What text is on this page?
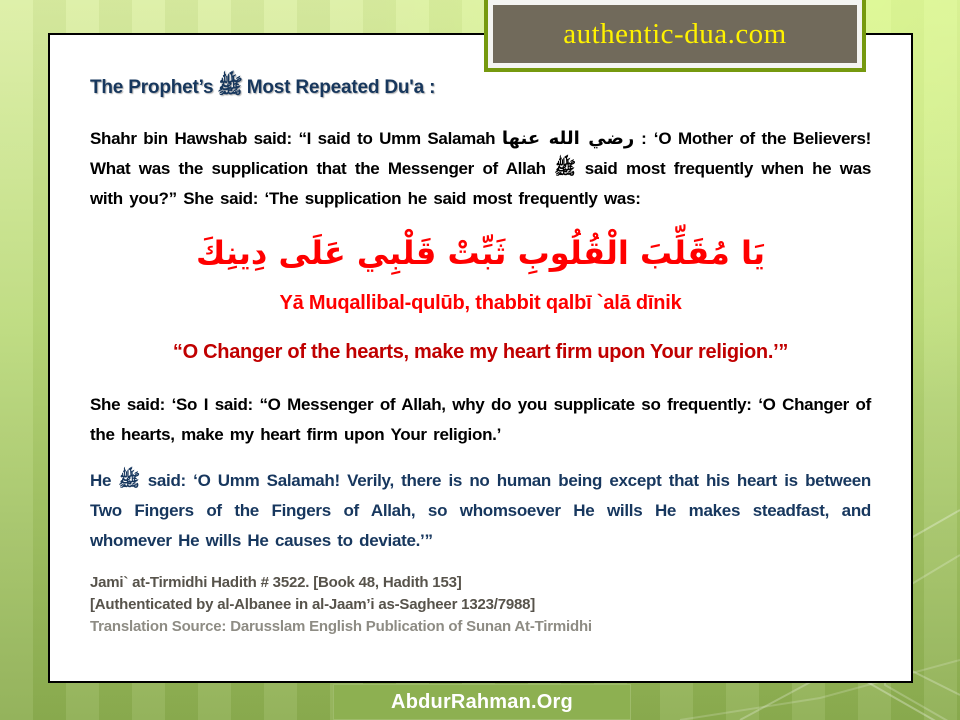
The Prophet’s ﷺ Most Repeated Du'a :

Shahr bin Hawshab said: “I said to Umm Salamah رضي الله عنها : ‘O Mother of the Believers! What was the supplication that the Messenger of Allah ﷺ said most frequently when he was with you?” She said: ‘The supplication he said most frequently was:

يَا مُقَلِّبَ الْقُلُوبِ ثَبِّتْ قَلْبِي عَلَى دِينِكَ

Yā Muqallibal-qulūb, thabbit qalbī `alā dīnik

“O Changer of the hearts, make my heart firm upon Your religion.’”

She said: ‘So I said: “O Messenger of Allah, why do you supplicate so frequently: ‘O Changer of the hearts, make my heart firm upon Your religion.’

He ﷺ said: ‘O Umm Salamah! Verily, there is no human being except that his heart is between Two Fingers of the Fingers of Allah, so whomsoever He wills He makes steadfast, and whomever He wills He causes to deviate.’”

Jami` at-Tirmidhi Hadith # 3522. [Book 48, Hadith 153]

[Authenticated by al-Albanee in al-Jaam’i as-Sagheer 1323/7988]

Translation Source: Darusslam English Publication of Sunan At-Tirmidhi

authentic-dua.com
AbdurRahman.Org
